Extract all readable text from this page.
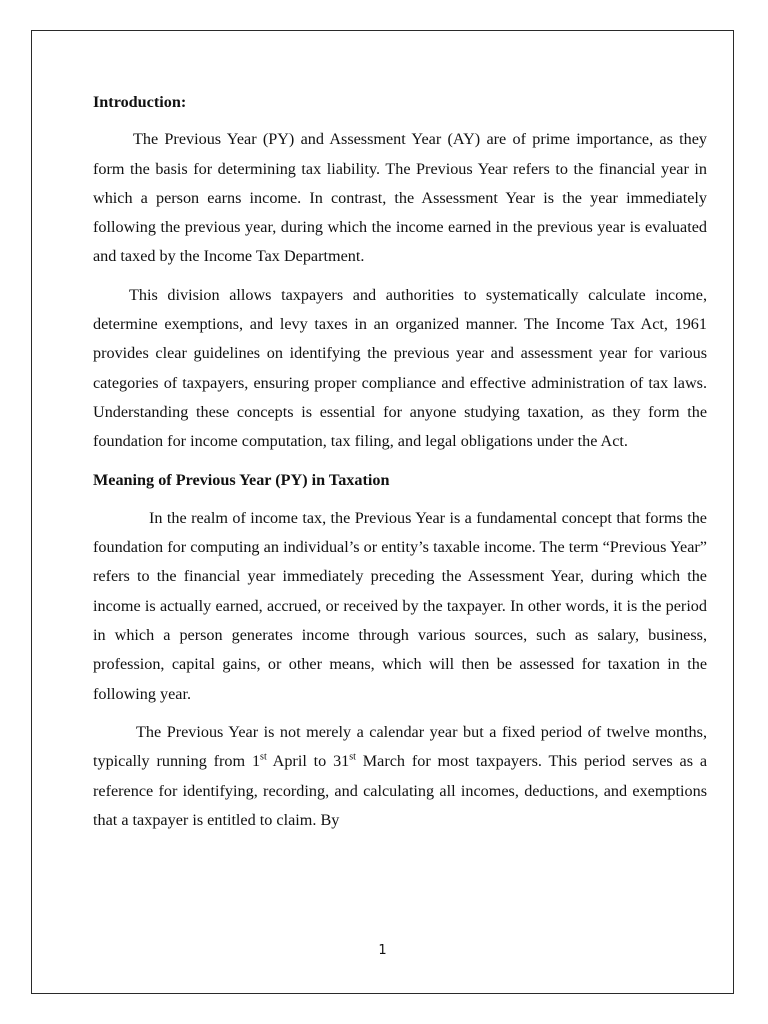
Introduction:

The Previous Year (PY) and Assessment Year (AY) are of prime importance, as they form the basis for determining tax liability. The Previous Year refers to the financial year in which a person earns income. In contrast, the Assessment Year is the year immediately following the previous year, during which the income earned in the previous year is evaluated and taxed by the Income Tax Department.

This division allows taxpayers and authorities to systematically calculate income, determine exemptions, and levy taxes in an organized manner. The Income Tax Act, 1961 provides clear guidelines on identifying the previous year and assessment year for various categories of taxpayers, ensuring proper compliance and effective administration of tax laws. Understanding these concepts is essential for anyone studying taxation, as they form the foundation for income computation, tax filing, and legal obligations under the Act.

Meaning of Previous Year (PY) in Taxation

In the realm of income tax, the Previous Year is a fundamental concept that forms the foundation for computing an individual’s or entity’s taxable income. The term “Previous Year” refers to the financial year immediately preceding the Assessment Year, during which the income is actually earned, accrued, or received by the taxpayer. In other words, it is the period in which a person generates income through various sources, such as salary, business, profession, capital gains, or other means, which will then be assessed for taxation in the following year.

The Previous Year is not merely a calendar year but a fixed period of twelve months, typically running from 1st April to 31st March for most taxpayers. This period serves as a reference for identifying, recording, and calculating all incomes, deductions, and exemptions that a taxpayer is entitled to claim. By

1
